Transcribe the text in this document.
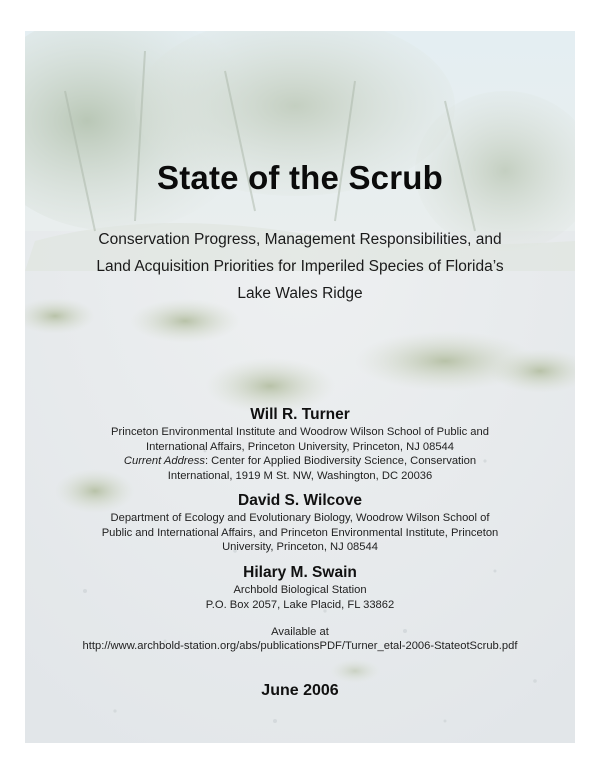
State of the Scrub
Conservation Progress, Management Responsibilities, and
Land Acquisition Priorities for Imperiled Species of Florida’s
Lake Wales Ridge
Will R. Turner
Princeton Environmental Institute and Woodrow Wilson School of Public and
International Affairs, Princeton University, Princeton, NJ 08544
Current Address: Center for Applied Biodiversity Science, Conservation
International, 1919 M St. NW, Washington, DC 20036
David S. Wilcove
Department of Ecology and Evolutionary Biology, Woodrow Wilson School of
Public and International Affairs, and Princeton Environmental Institute, Princeton
University, Princeton, NJ 08544
Hilary M. Swain
Archbold Biological Station
P.O. Box 2057, Lake Placid, FL 33862
Available at
http://www.archbold-station.org/abs/publicationsPDF/Turner_etal-2006-StateotScrub.pdf
June 2006
